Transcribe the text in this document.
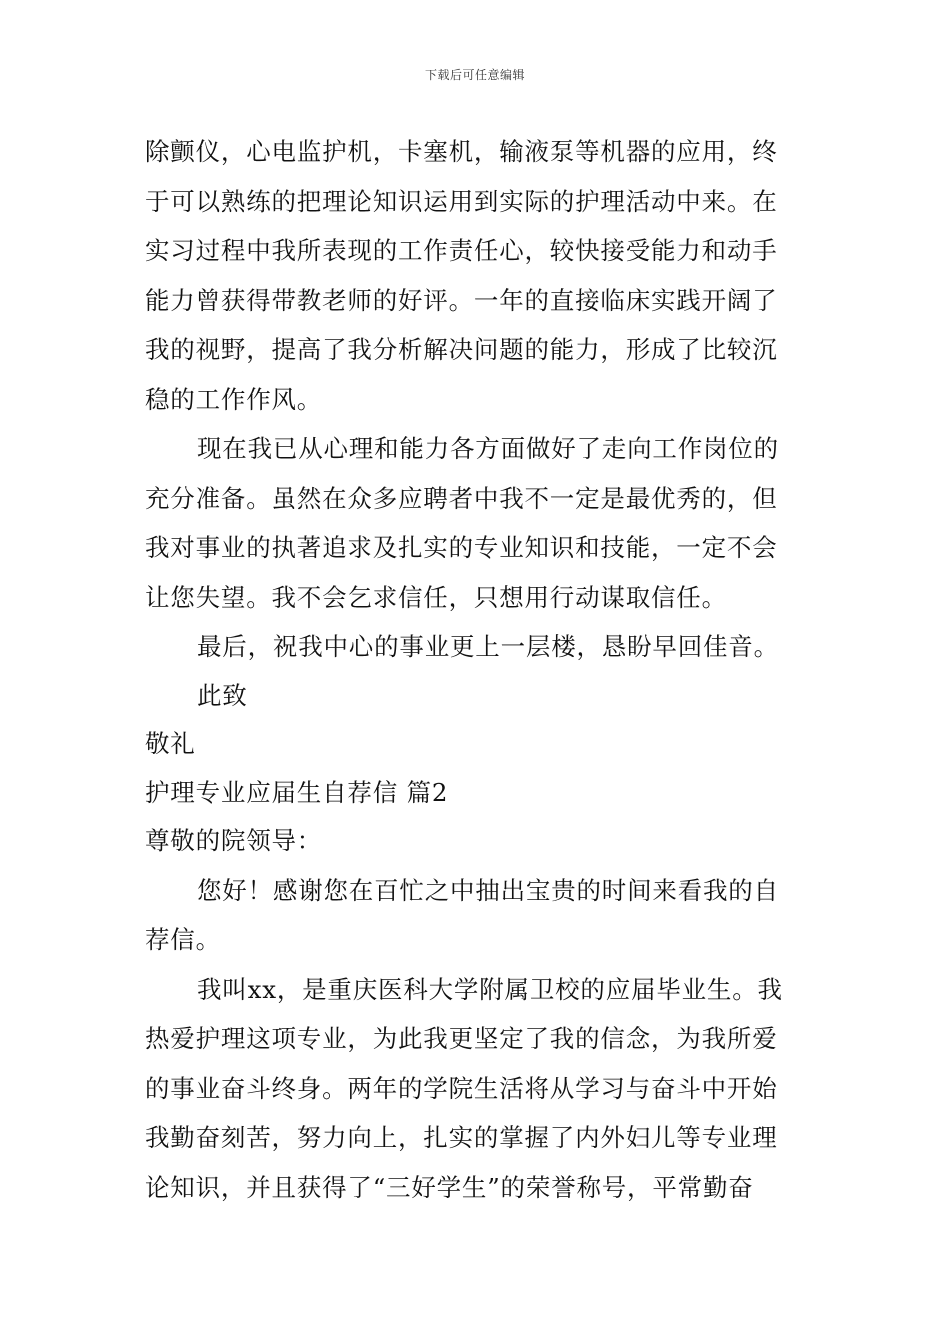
下载后可任意编辑
除颤仪，心电监护机，卡塞机，输液泵等机器的应用，终
于可以熟练的把理论知识运用到实际的护理活动中来。在
实习过程中我所表现的工作责任心，较快接受能力和动手
能力曾获得带教老师的好评。一年的直接临床实践开阔了
我的视野，提高了我分析解决问题的能力，形成了比较沉
稳的工作作风。
现在我已从心理和能力各方面做好了走向工作岗位的
充分准备。虽然在众多应聘者中我不一定是最优秀的，但
我对事业的执著追求及扎实的专业知识和技能，一定不会
让您失望。我不会乞求信任，只想用行动谋取信任。
最后，祝我中心的事业更上一层楼，恳盼早回佳音。
此致
敬礼
护理专业应届生自荐信 篇2
尊敬的院领导：
您好！感谢您在百忙之中抽出宝贵的时间来看我的自
荐信。
我叫xx，是重庆医科大学附属卫校的应届毕业生。我
热爱护理这项专业，为此我更坚定了我的信念，为我所爱
的事业奋斗终身。两年的学院生活将从学习与奋斗中开始
我勤奋刻苦，努力向上，扎实的掌握了内外妇儿等专业理
论知识，并且获得了“三好学生”的荣誉称号，平常勤奋
